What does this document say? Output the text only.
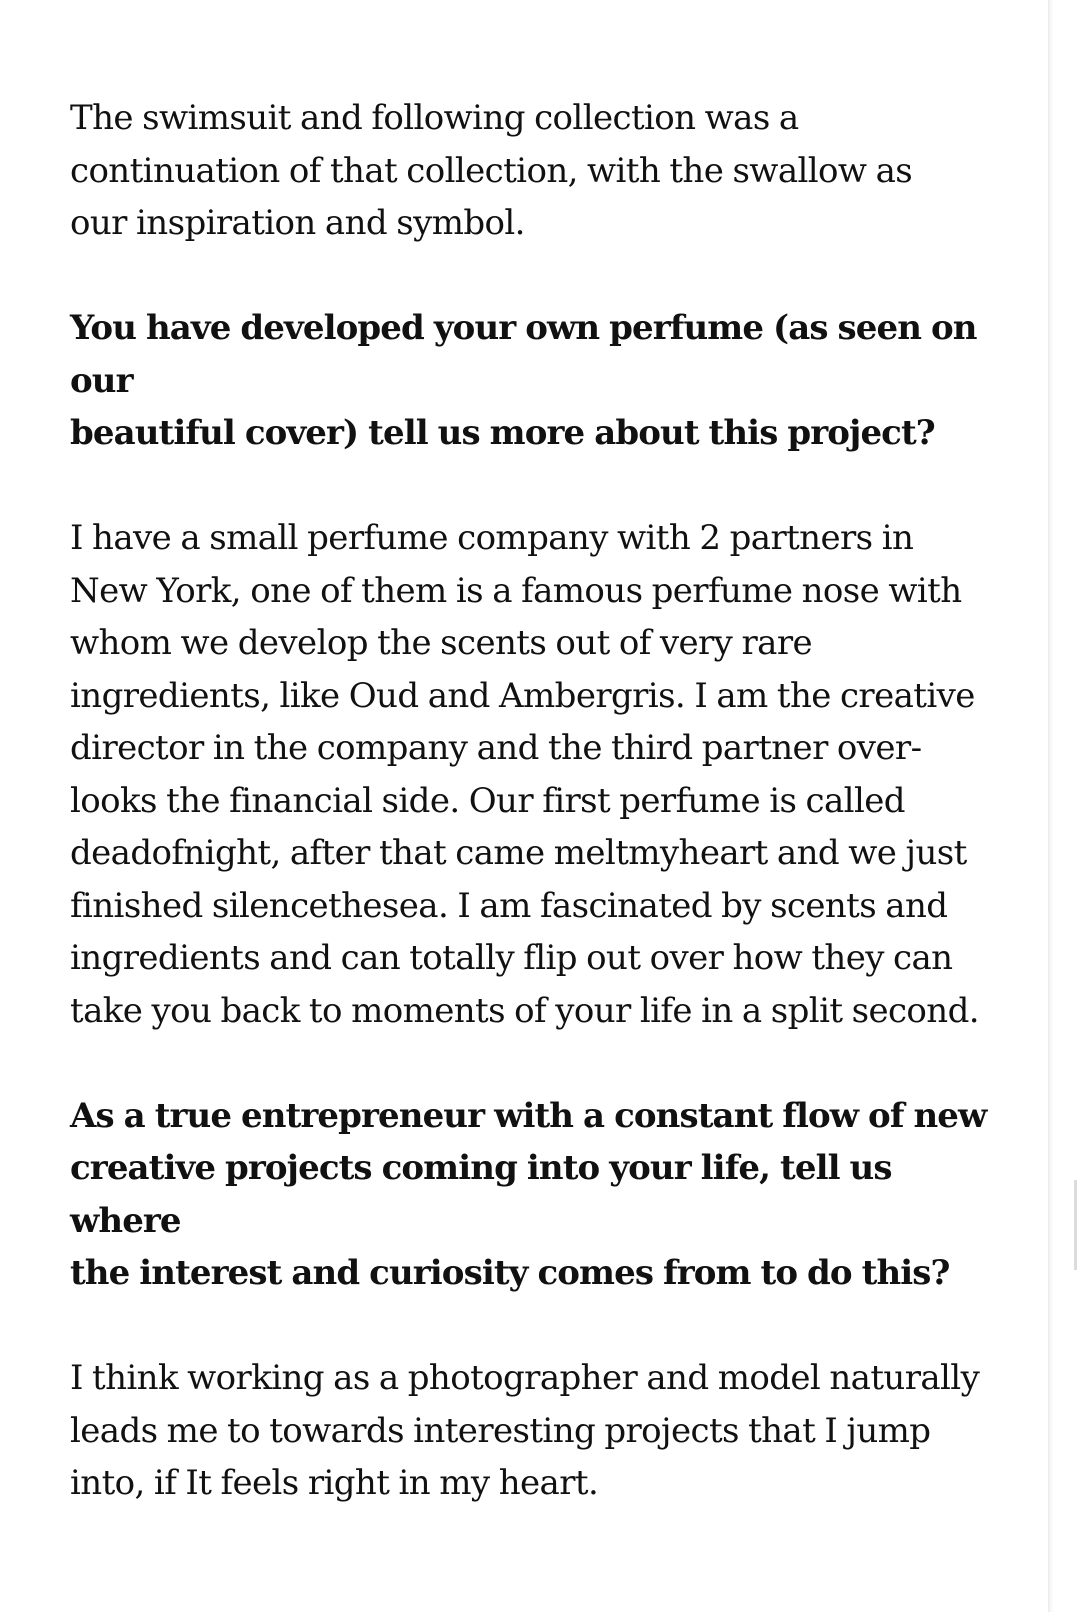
The swimsuit and following collection was a
continuation of that collection, with the swallow as
our inspiration and symbol.

You have developed your own perfume (as seen on our
beautiful cover) tell us more about this project?

I have a small perfume company with 2 partners in
New York, one of them is a famous perfume nose with
whom we develop the scents out of very rare
ingredients, like Oud and Ambergris. I am the creative
director in the company and the third partner over-
looks the financial side. Our first perfume is called
deadofnight, after that came meltmyheart and we just
finished silencethesea. I am fascinated by scents and
ingredients and can totally flip out over how they can
take you back to moments of your life in a split second.

As a true entrepreneur with a constant flow of new
creative projects coming into your life, tell us where
the interest and curiosity comes from to do this?

I think working as a photographer and model naturally
leads me to towards interesting projects that I jump
into, if It feels right in my heart.
